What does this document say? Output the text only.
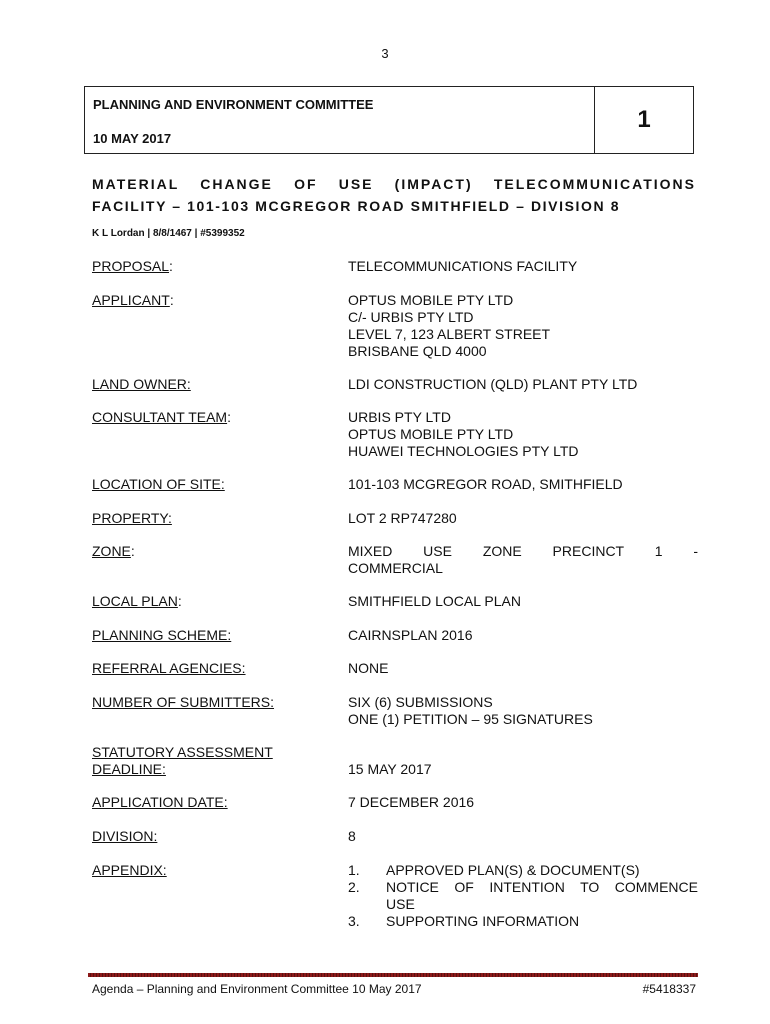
3
PLANNING AND ENVIRONMENT COMMITTEE
10 MAY 2017
1
MATERIAL CHANGE OF USE (IMPACT) TELECOMMUNICATIONS
FACILITY – 101-103 MCGREGOR ROAD SMITHFIELD – DIVISION 8
K L Lordan | 8/8/1467 | #5399352
PROPOSAL:	TELECOMMUNICATIONS FACILITY
APPLICANT:	OPTUS MOBILE PTY LTD
C/- URBIS PTY LTD
LEVEL 7, 123 ALBERT STREET
BRISBANE QLD 4000
LAND OWNER:	LDI CONSTRUCTION (QLD) PLANT PTY LTD
CONSULTANT TEAM:	URBIS PTY LTD
OPTUS MOBILE PTY LTD
HUAWEI TECHNOLOGIES PTY LTD
LOCATION OF SITE:	101-103 MCGREGOR ROAD, SMITHFIELD
PROPERTY:	LOT 2 RP747280
ZONE:	MIXED USE ZONE PRECINCT 1 -
COMMERCIAL
LOCAL PLAN:	SMITHFIELD LOCAL PLAN
PLANNING SCHEME:	CAIRNSPLAN 2016
REFERRAL AGENCIES:	NONE
NUMBER OF SUBMITTERS:	SIX (6) SUBMISSIONS
ONE (1) PETITION – 95 SIGNATURES
STATUTORY ASSESSMENT
DEADLINE:	15 MAY 2017
APPLICATION DATE:	7 DECEMBER 2016
DIVISION:	8
APPENDIX:	1.	APPROVED PLAN(S) & DOCUMENT(S)
2.	NOTICE OF INTENTION TO COMMENCE
USE
3.	SUPPORTING INFORMATION
Agenda – Planning and Environment Committee 10 May 2017	#5418337
